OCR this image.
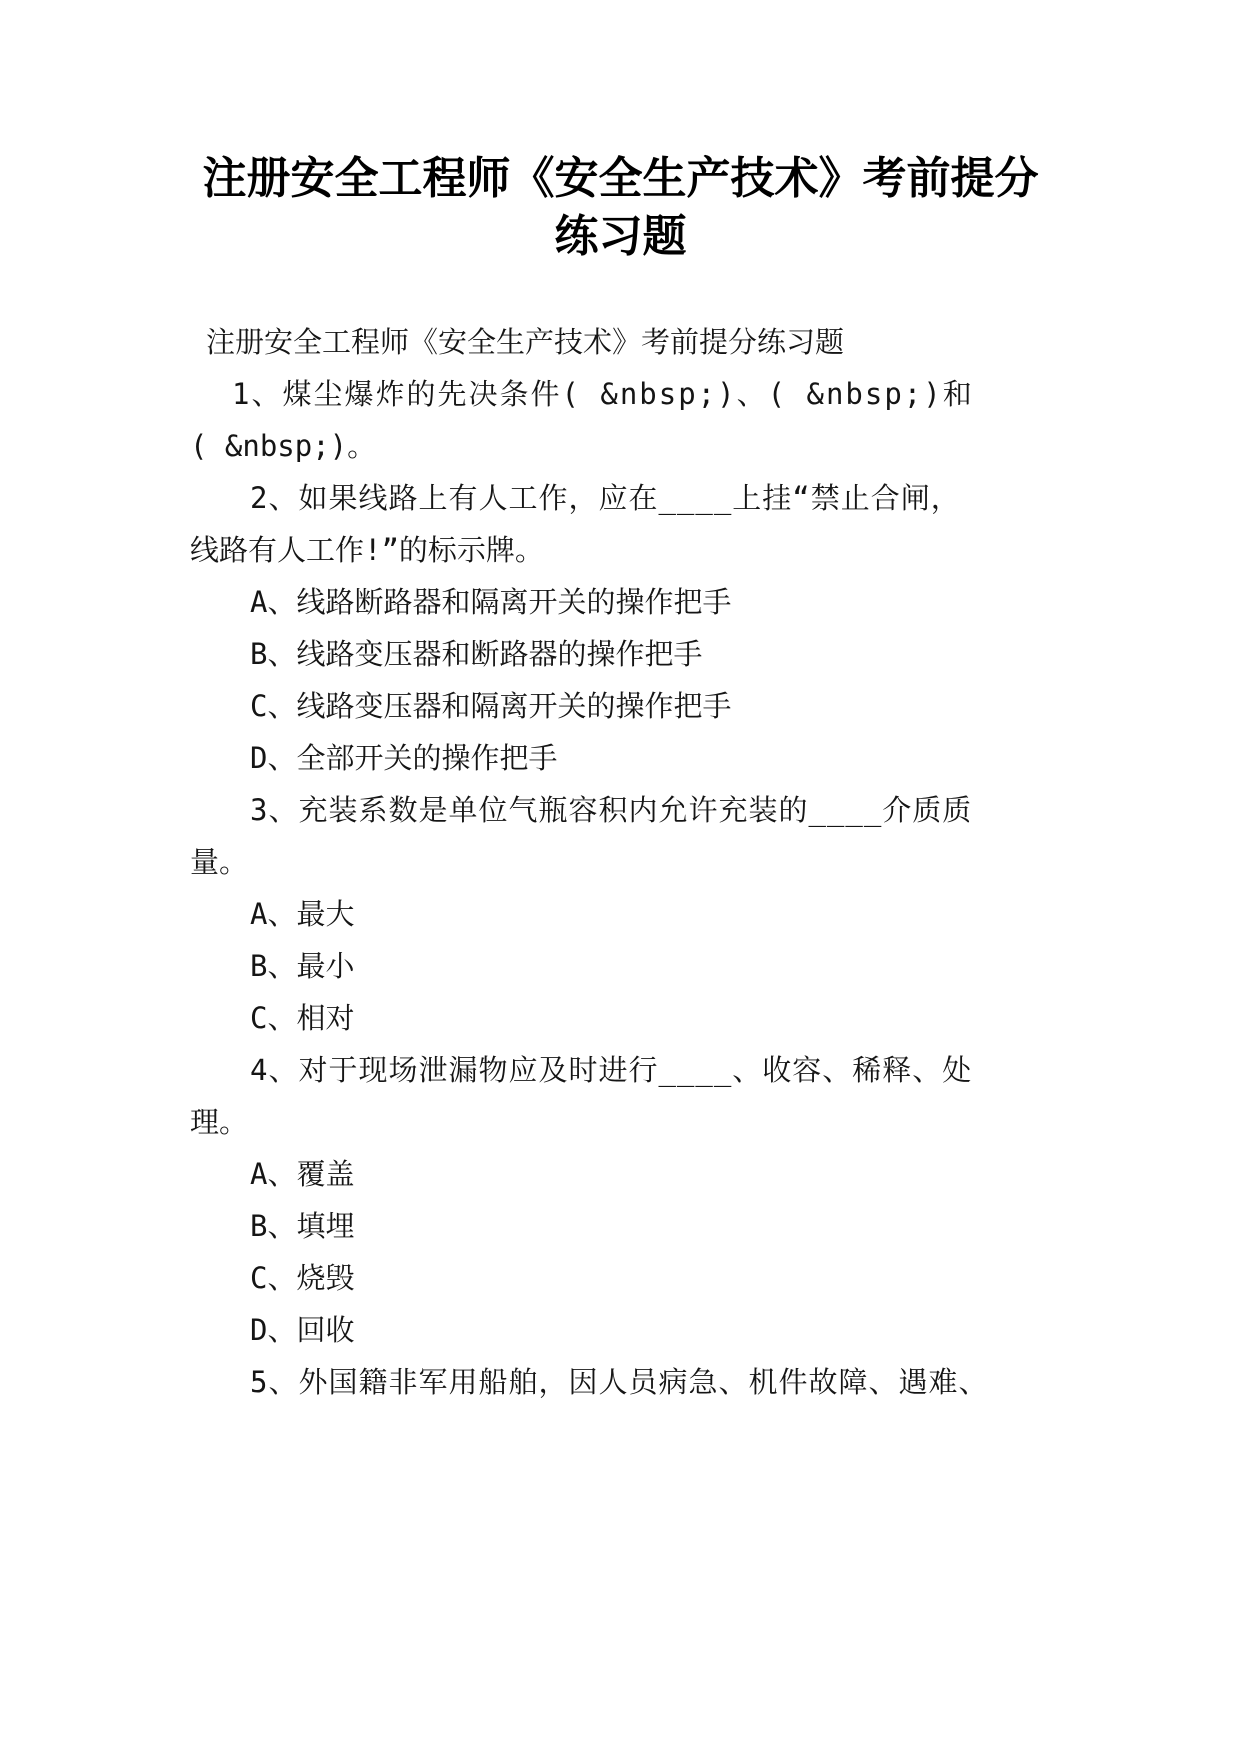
注册安全工程师《安全生产技术》考前提分
练习题
注册安全工程师《安全生产技术》考前提分练习题
1、煤尘爆炸的先决条件( &nbsp;)、( &nbsp;)和
( &nbsp;)。
2、如果线路上有人工作，应在____上挂“禁止合闸，
线路有人工作!”的标示牌。
A、线路断路器和隔离开关的操作把手
B、线路变压器和断路器的操作把手
C、线路变压器和隔离开关的操作把手
D、全部开关的操作把手
3、充装系数是单位气瓶容积内允许充装的____介质质
量。
A、最大
B、最小
C、相对
4、对于现场泄漏物应及时进行____、收容、稀释、处
理。
A、覆盖
B、填埋
C、烧毁
D、回收
5、外国籍非军用船舶，因人员病急、机件故障、遇难、
